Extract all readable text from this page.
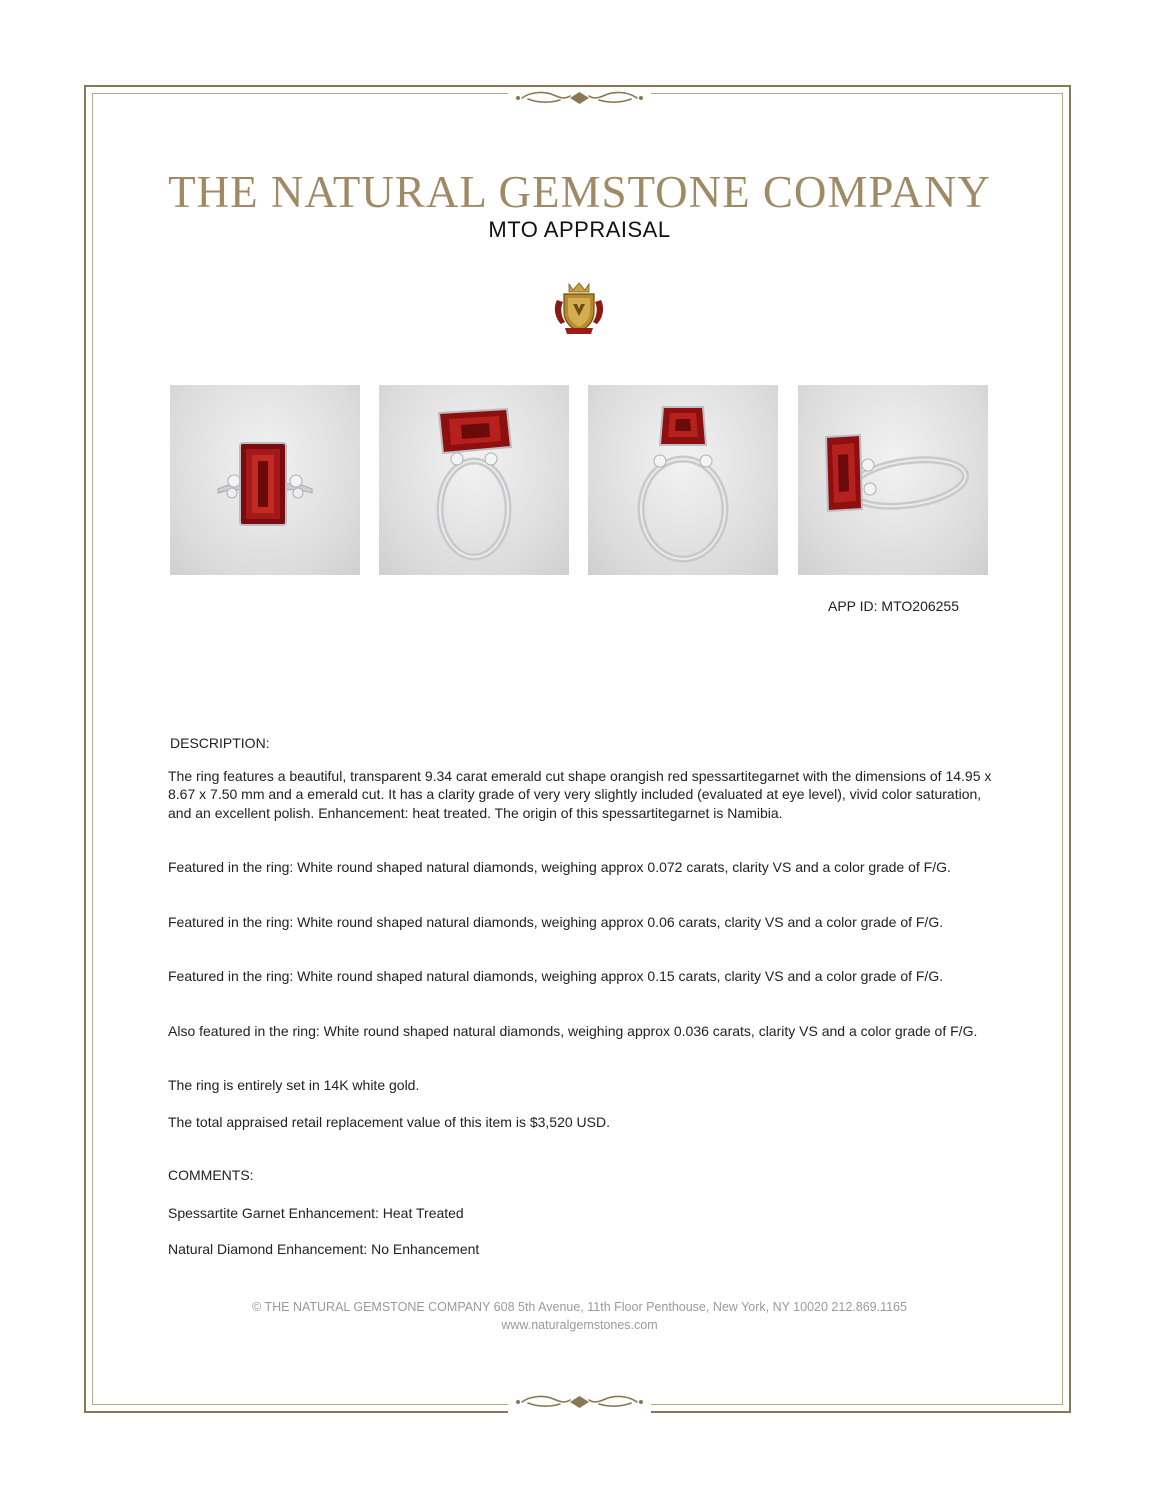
THE NATURAL GEMSTONE COMPANY
MTO APPRAISAL
APP ID: MTO206255
DESCRIPTION:
The ring features a beautiful, transparent 9.34 carat emerald cut shape orangish red spessartitegarnet with the dimensions of 14.95 x 8.67 x 7.50 mm and a emerald cut. It has a clarity grade of very very slightly included (evaluated at eye level), vivid color saturation, and an excellent polish. Enhancement: heat treated. The origin of this spessartitegarnet is Namibia.
Featured in the ring: White round shaped natural diamonds, weighing approx 0.072 carats, clarity VS and a color grade of F/G.
Featured in the ring: White round shaped natural diamonds, weighing approx 0.06 carats, clarity VS and a color grade of F/G.
Featured in the ring: White round shaped natural diamonds, weighing approx 0.15 carats, clarity VS and a color grade of F/G.
Also featured in the ring: White round shaped natural diamonds, weighing approx 0.036 carats, clarity VS and a color grade of F/G.
The ring is entirely set in 14K white gold.
The total appraised retail replacement value of this item is $3,520 USD.
COMMENTS:
Spessartite Garnet Enhancement: Heat Treated
Natural Diamond Enhancement: No Enhancement
© THE NATURAL GEMSTONE COMPANY 608 5th Avenue, 11th Floor Penthouse, New York, NY 10020 212.869.1165
www.naturalgemstones.com
